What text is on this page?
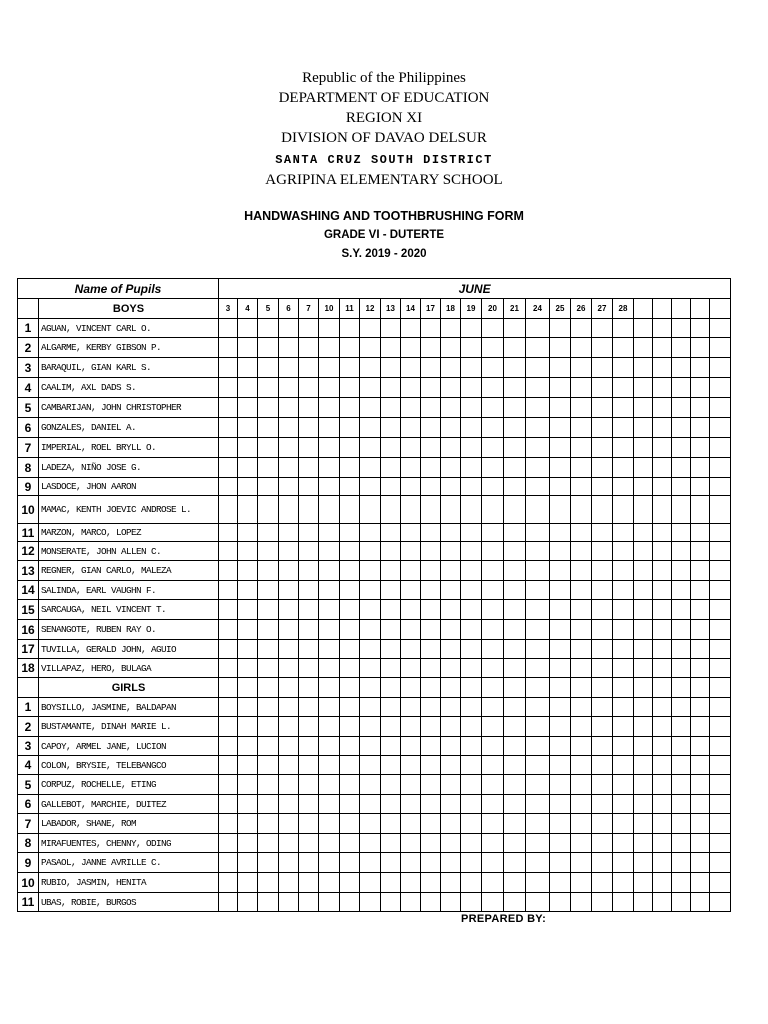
Republic of the Philippines
DEPARTMENT OF EDUCATION
REGION XI
DIVISION OF DAVAO DELSUR
SANTA CRUZ SOUTH DISTRICT
AGRIPINA ELEMENTARY SCHOOL
HANDWASHING AND TOOTHBRUSHING FORM
GRADE VI - DUTERTE
S.Y. 2019 - 2020
Name of Pupils		JUNE																								
	BOYS	3	4	5	6	7	10	11	12	13	14	17	18	19	20	21	24	25	26	27	28					
1	AGUAN, VINCENT CARL O.																									
2	ALGARME, KERBY GIBSON P.																									
3	BARAQUIL, GIAN KARL S.																									
4	CAALIM, AXL DADS S.																									
5	CAMBARIJAN, JOHN CHRISTOPHER																									
6	GONZALES, DANIEL A.																									
7	IMPERIAL, ROEL BRYLL O.																									
8	LADEZA, NIÑO JOSE G.																									
9	LASDOCE, JHON AARON																									
10	MAMAC, KENTH JOEVIC ANDROSE L.																									
11	MARZON, MARCO, LOPEZ																									
12	MONSERATE, JOHN ALLEN C.																									
13	REGNER, GIAN CARLO, MALEZA																									
14	SALINDA, EARL VAUGHN F.																									
15	SARCAUGA, NEIL VINCENT T.																									
16	SENANGOTE, RUBEN RAY O.																									
17	TUVILLA, GERALD JOHN, AGUIO																									
18	VILLAPAZ, HERO, BULAGA																									
	GIRLS																									
1	BOYSILLO, JASMINE, BALDAPAN																									
2	BUSTAMANTE, DINAH MARIE L.																									
3	CAPOY, ARMEL JANE, LUCION																									
4	COLON, BRYSIE, TELEBANGCO																									
5	CORPUZ, ROCHELLE, ETING																									
6	GALLEBOT, MARCHIE, DUITEZ																									
7	LABADOR, SHANE, ROM																									
8	MIRAFUENTES, CHENNY, ODING																									
9	PASAOL, JANNE AVRILLE C.																									
10	RUBIO, JASMIN, HENITA																									
11	UBAS, ROBIE, BURGOS																									
PREPARED BY:
